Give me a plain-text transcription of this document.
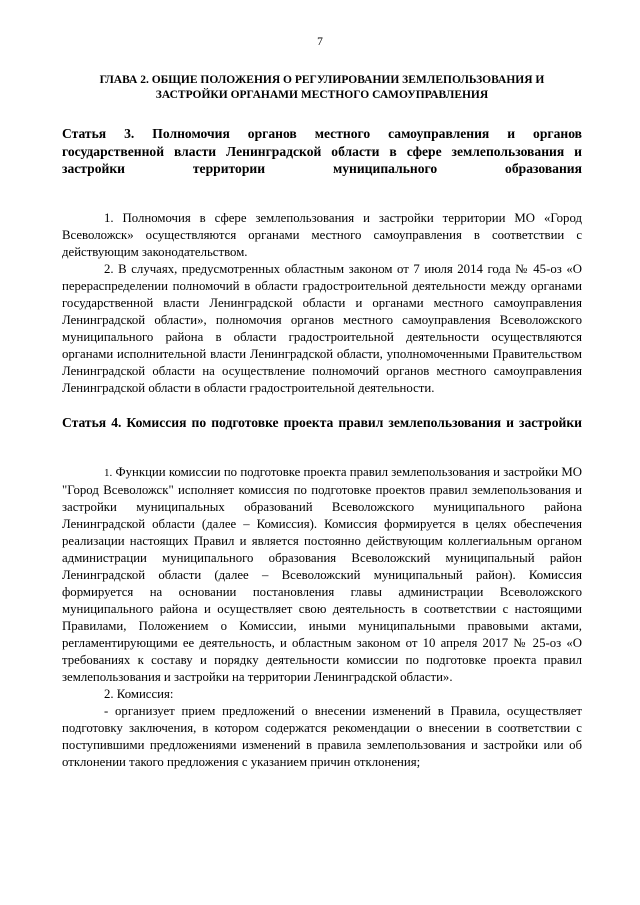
7
ГЛАВА 2. ОБЩИЕ ПОЛОЖЕНИЯ О РЕГУЛИРОВАНИИ ЗЕМЛЕПОЛЬЗОВАНИЯ И
ЗАСТРОЙКИ ОРГАНАМИ МЕСТНОГО САМОУПРАВЛЕНИЯ

Статья 3. Полномочия органов местного самоуправления и органов государственной власти Ленинградской области в сфере землепользования и застройки территории муниципального образования

1. Полномочия в сфере землепользования и застройки территории МО «Город Всеволожск» осуществляются органами местного самоуправления в соответствии с действующим законодательством.

2. В случаях, предусмотренных областным законом от 7 июля 2014 года № 45-оз «О перераспределении полномочий в области градостроительной деятельности между органами государственной власти Ленинградской области и органами местного самоуправления Ленинградской области», полномочия органов местного самоуправления Всеволожского муниципального района в области градостроительной деятельности осуществляются органами исполнительной власти Ленинградской области, уполномоченными Правительством Ленинградской области на осуществление полномочий органов местного самоуправления Ленинградской области в области градостроительной деятельности.

Статья 4. Комиссия по подготовке проекта правил землепользования и застройки

1. Функции комиссии по подготовке проекта правил землепользования и застройки МО "Город Всеволожск" исполняет комиссия по подготовке проектов правил землепользования и застройки муниципальных образований Всеволожского муниципального района Ленинградской области (далее – Комиссия). Комиссия формируется в целях обеспечения реализации настоящих Правил и является постоянно действующим коллегиальным органом администрации муниципального образования Всеволожский муниципальный район Ленинградской области (далее – Всеволожский муниципальный район). Комиссия формируется на основании постановления главы администрации Всеволожского муниципального района и осуществляет свою деятельность в соответствии с настоящими Правилами, Положением о Комиссии, иными муниципальными правовыми актами, регламентирующими ее деятельность, и областным законом от 10 апреля 2017 № 25-оз «О требованиях к составу и порядку деятельности комиссии по подготовке проекта правил землепользования и застройки на территории Ленинградской области».

2. Комиссия:

- организует прием предложений о внесении изменений в Правила, осуществляет подготовку заключения, в котором содержатся рекомендации о внесении в соответствии с поступившими предложениями изменений в правила землепользования и застройки или об отклонении такого предложения с указанием причин отклонения;
